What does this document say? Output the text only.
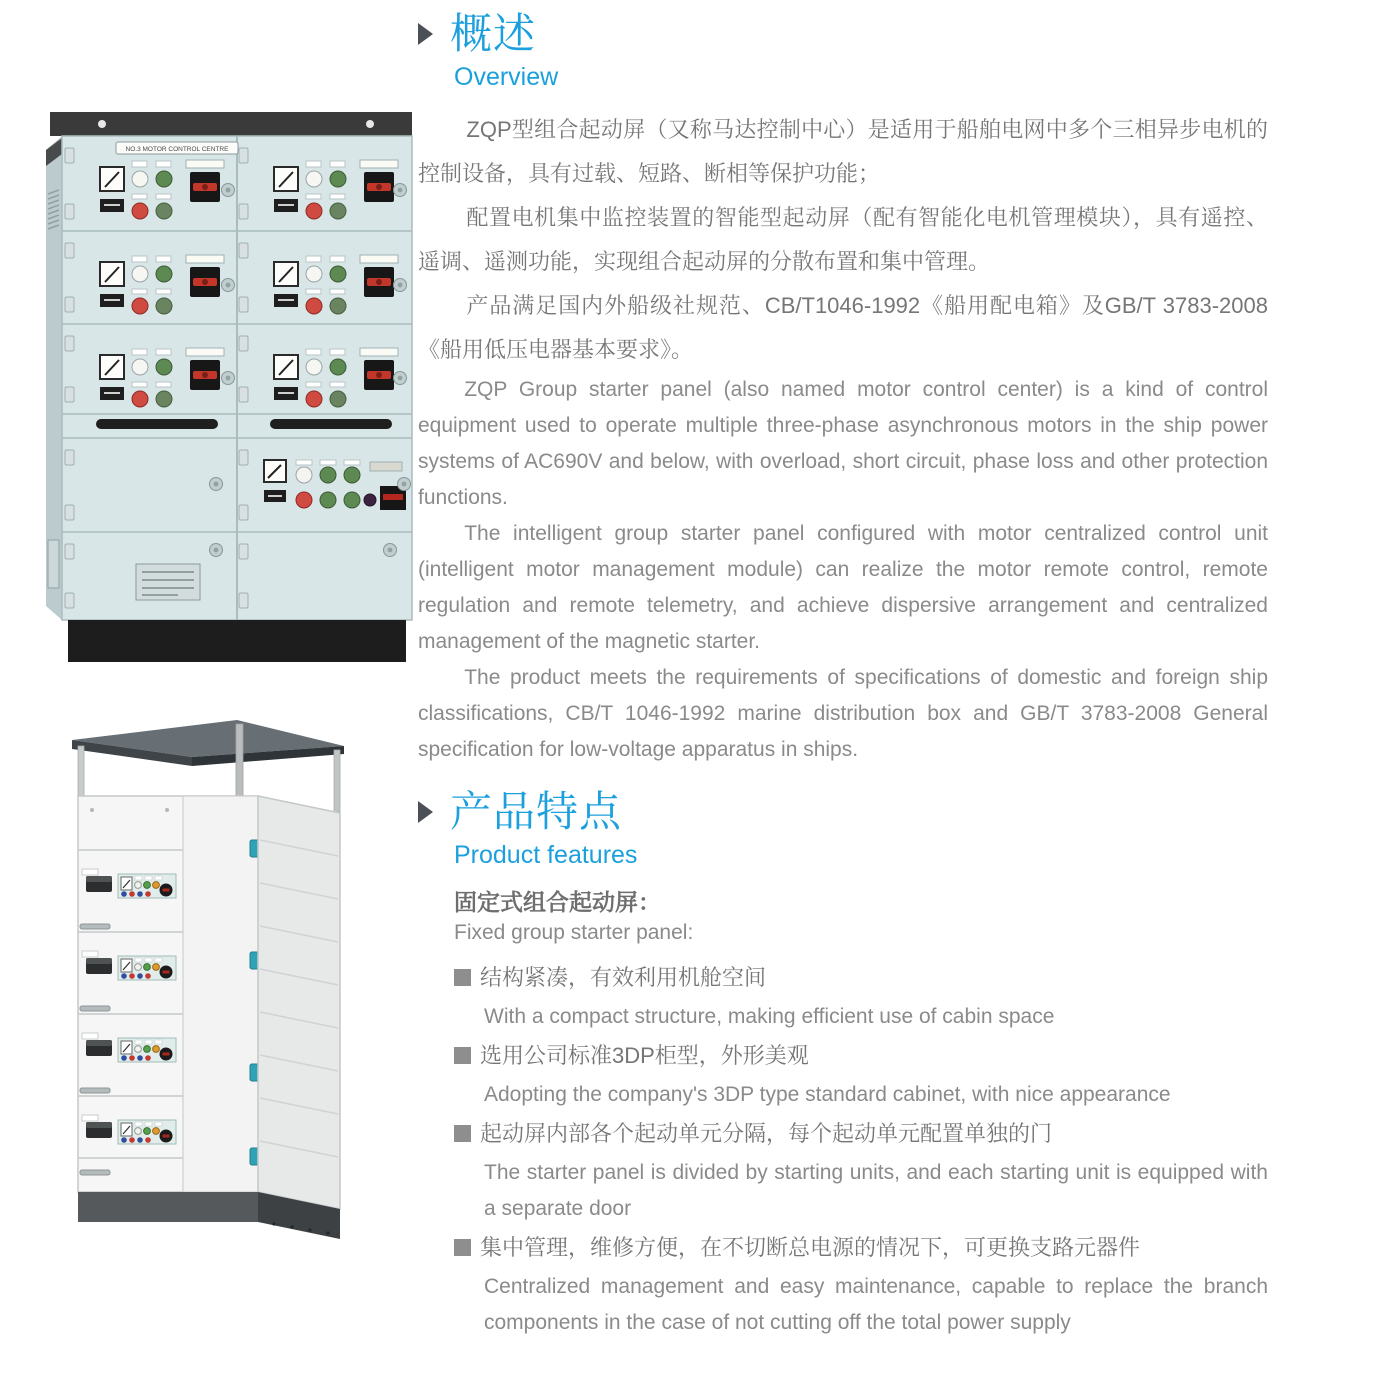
NO.3 MOTOR CONTROL CENTRE
概述
Overview

ZQP型组合起动屏（又称马达控制中心）是适用于船舶电网中多个三相异步电机的控制设备，具有过载、短路、断相等保护功能；

配置电机集中监控装置的智能型起动屏（配有智能化电机管理模块），具有遥控、遥调、遥测功能，实现组合起动屏的分散布置和集中管理。

产品满足国内外船级社规范、CB/T1046-1992《船用配电箱》及GB/T 3783-2008《船用低压电器基本要求》。

ZQP Group starter panel (also named motor control center) is a kind of control equipment used to operate multiple three-phase asynchronous motors in the ship power systems of AC690V and below, with overload, short circuit, phase loss and other protection functions.

The intelligent group starter panel configured with motor centralized control unit (intelligent motor management module) can realize the motor remote control, remote regulation and remote telemetry, and achieve dispersive arrangement and centralized management of the magnetic starter.

The product meets the requirements of specifications of domestic and foreign ship classifications, CB/T 1046-1992 marine distribution box and GB/T 3783-2008 General specification for low-voltage apparatus in ships.

产品特点
Product features
固定式组合起动屏：
Fixed group starter panel:
结构紧凑，有效利用机舱空间
With a compact structure, making efficient use of cabin space
选用公司标准3DP柜型，外形美观
Adopting the company's 3DP type standard cabinet, with nice appearance
起动屏内部各个起动单元分隔，每个起动单元配置单独的门
The starter panel is divided by starting units, and each starting unit is equipped with a separate door
集中管理，维修方便，在不切断总电源的情况下，可更换支路元器件
Centralized management and easy maintenance, capable to replace the branch components in the case of not cutting off the total power supply
